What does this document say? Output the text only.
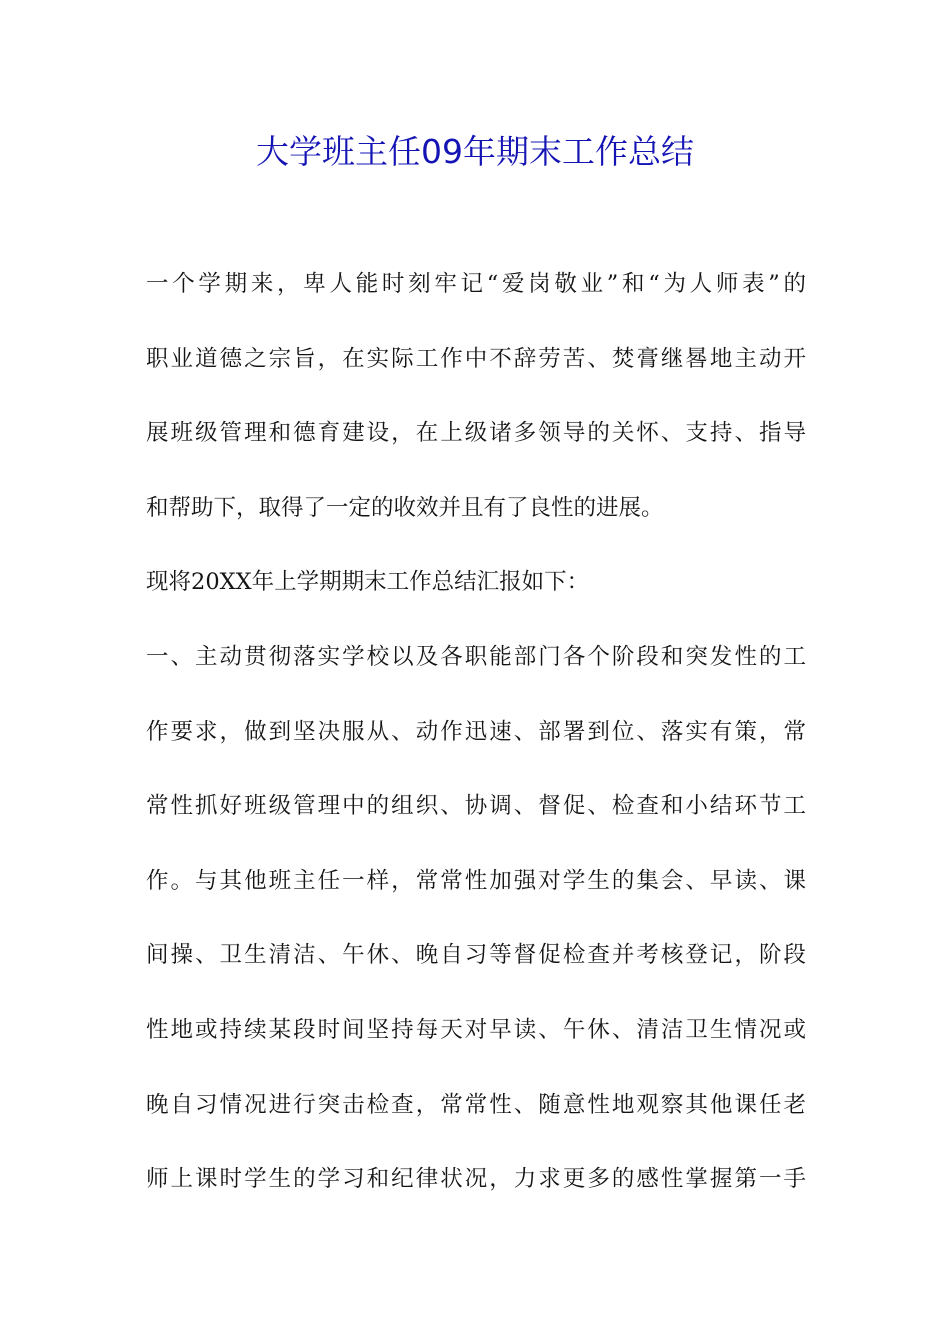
大学班主任09年期末工作总结
一个学期来，卑人能时刻牢记“爱岗敬业”和“为人师表”的
职业道德之宗旨，在实际工作中不辞劳苦、焚膏继晷地主动开
展班级管理和德育建设，在上级诸多领导的关怀、支持、指导
和帮助下，取得了一定的收效并且有了良性的进展。
现将20XX年上学期期末工作总结汇报如下：
一、主动贯彻落实学校以及各职能部门各个阶段和突发性的工
作要求，做到坚决服从、动作迅速、部署到位、落实有策，常
常性抓好班级管理中的组织、协调、督促、检查和小结环节工
作。与其他班主任一样，常常性加强对学生的集会、早读、课
间操、卫生清洁、午休、晚自习等督促检查并考核登记，阶段
性地或持续某段时间坚持每天对早读、午休、清洁卫生情况或
晚自习情况进行突击检查，常常性、随意性地观察其他课任老
师上课时学生的学习和纪律状况，力求更多的感性掌握第一手
